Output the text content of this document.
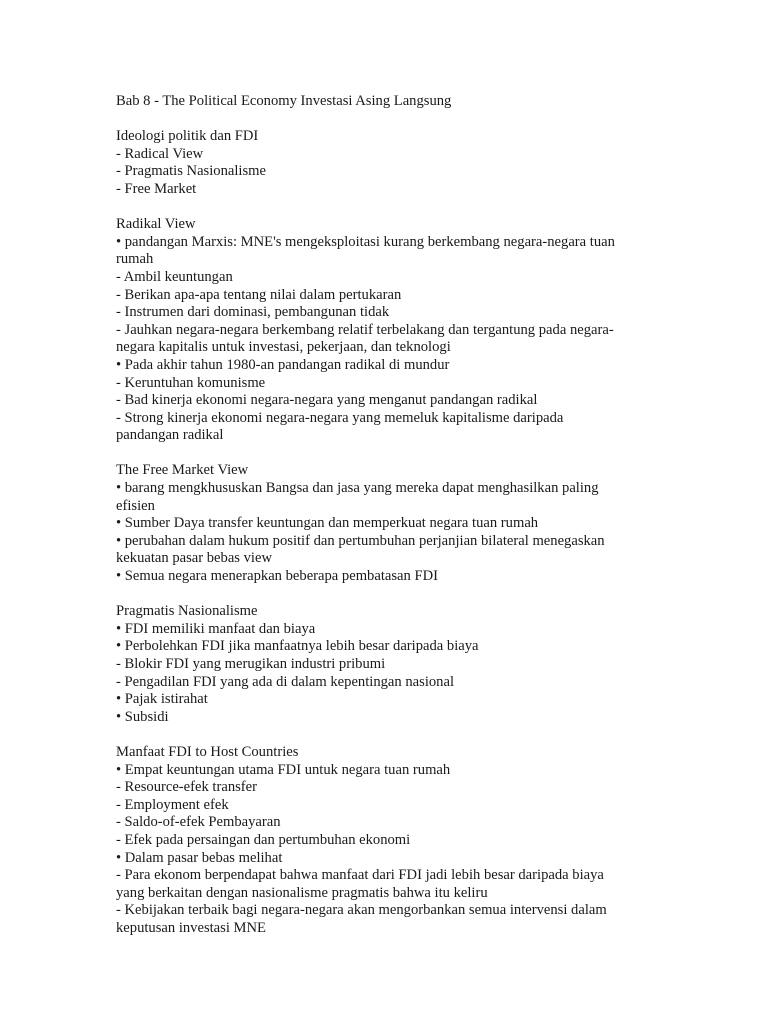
Bab 8 - The Political Economy Investasi Asing Langsung
Ideologi politik dan FDI
- Radical View
- Pragmatis Nasionalisme
- Free Market
Radikal View
• pandangan Marxis: MNE's mengeksploitasi kurang berkembang negara-negara tuan
rumah
- Ambil keuntungan
- Berikan apa-apa tentang nilai dalam pertukaran
- Instrumen dari dominasi, pembangunan tidak
- Jauhkan negara-negara berkembang relatif terbelakang dan tergantung pada negara-
negara kapitalis untuk investasi, pekerjaan, dan teknologi
• Pada akhir tahun 1980-an pandangan radikal di mundur
- Keruntuhan komunisme
- Bad kinerja ekonomi negara-negara yang menganut pandangan radikal
- Strong kinerja ekonomi negara-negara yang memeluk kapitalisme daripada
pandangan radikal
The Free Market View
• barang mengkhususkan Bangsa dan jasa yang mereka dapat menghasilkan paling
efisien
• Sumber Daya transfer keuntungan dan memperkuat negara tuan rumah
• perubahan dalam hukum positif dan pertumbuhan perjanjian bilateral menegaskan
kekuatan pasar bebas view
• Semua negara menerapkan beberapa pembatasan FDI
Pragmatis Nasionalisme
• FDI memiliki manfaat dan biaya
• Perbolehkan FDI jika manfaatnya lebih besar daripada biaya
- Blokir FDI yang merugikan industri pribumi
- Pengadilan FDI yang ada di dalam kepentingan nasional
• Pajak istirahat
• Subsidi
Manfaat FDI to Host Countries
• Empat keuntungan utama FDI untuk negara tuan rumah
- Resource-efek transfer
- Employment efek
- Saldo-of-efek Pembayaran
- Efek pada persaingan dan pertumbuhan ekonomi
• Dalam pasar bebas melihat
- Para ekonom berpendapat bahwa manfaat dari FDI jadi lebih besar daripada biaya
yang berkaitan dengan nasionalisme pragmatis bahwa itu keliru
- Kebijakan terbaik bagi negara-negara akan mengorbankan semua intervensi dalam
keputusan investasi MNE
